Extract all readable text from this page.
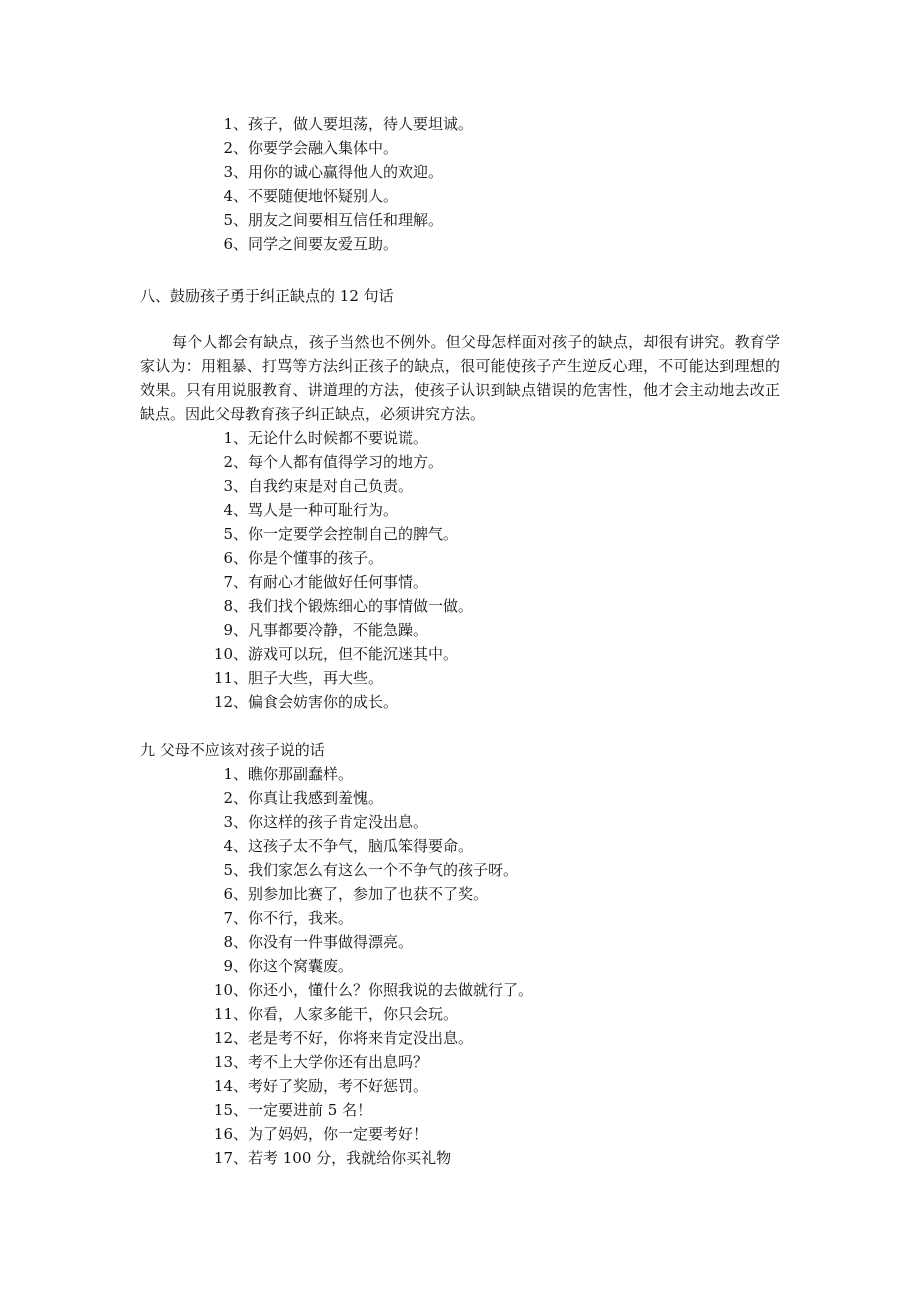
1、孩子，做人要坦荡，待人要坦诚。
2、你要学会融入集体中。
3、用你的诚心赢得他人的欢迎。
4、不要随便地怀疑别人。
5、朋友之间要相互信任和理解。
6、同学之间要友爱互助。
八、鼓励孩子勇于纠正缺点的 12 句话

每个人都会有缺点，孩子当然也不例外。但父母怎样面对孩子的缺点，却很有讲究。教育学家认为：用粗暴、打骂等方法纠正孩子的缺点，很可能使孩子产生逆反心理，不可能达到理想的效果。只有用说服教育、讲道理的方法，使孩子认识到缺点错误的危害性，他才会主动地去改正缺点。因此父母教育孩子纠正缺点，必须讲究方法。

1、无论什么时候都不要说谎。
2、每个人都有值得学习的地方。
3、自我约束是对自己负责。
4、骂人是一种可耻行为。
5、你一定要学会控制自己的脾气。
6、你是个懂事的孩子。
7、有耐心才能做好任何事情。
8、我们找个锻炼细心的事情做一做。
9、凡事都要冷静，不能急躁。
10、游戏可以玩，但不能沉迷其中。
11、胆子大些，再大些。
12、偏食会妨害你的成长。
九 父母不应该对孩子说的话
1、瞧你那副蠢样。
2、你真让我感到羞愧。
3、你这样的孩子肯定没出息。
4、这孩子太不争气，脑瓜笨得要命。
5、我们家怎么有这么一个不争气的孩子呀。
6、别参加比赛了，参加了也获不了奖。
7、你不行，我来。
8、你没有一件事做得漂亮。
9、你这个窝囊废。
10、你还小，懂什么？你照我说的去做就行了。
11、你看，人家多能干，你只会玩。
12、老是考不好，你将来肯定没出息。
13、考不上大学你还有出息吗？
14、考好了奖励，考不好惩罚。
15、一定要进前 5 名！
16、为了妈妈，你一定要考好！
17、若考 100 分，我就给你买礼物
